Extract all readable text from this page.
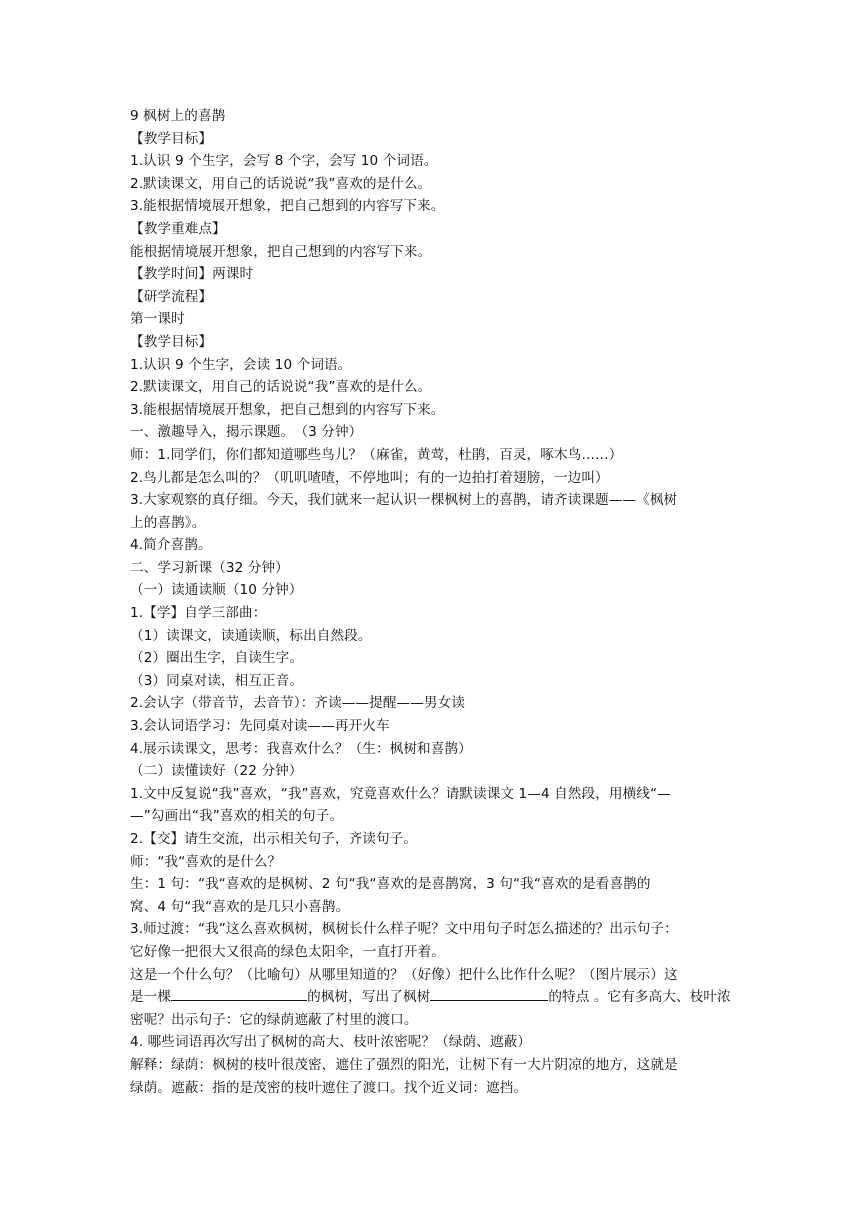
9 枫树上的喜鹊
【教学目标】
1.认识 9 个生字，会写 8 个字，会写 10 个词语。
2.默读课文，用自己的话说说“我”喜欢的是什么。
3.能根据情境展开想象，把自己想到的内容写下来。
【教学重难点】
能根据情境展开想象，把自己想到的内容写下来。
【教学时间】两课时
【研学流程】
第一课时
【教学目标】
1.认识 9 个生字，会读 10 个词语。
2.默读课文，用自己的话说说“我”喜欢的是什么。
3.能根据情境展开想象，把自己想到的内容写下来。
一、激趣导入，揭示课题。　（3 分钟）
师：1.同学们，你们都知道哪些鸟儿？（麻雀，黄莺，杜鹃，百灵，啄木鸟……）
2.鸟儿都是怎么叫的？（叽叽喳喳，不停地叫；有的一边拍打着翅膀，一边叫）
3.大家观察的真仔细。今天，我们就来一起认识一棵枫树上的喜鹊，请齐读课题——《枫树
上的喜鹊》。
4.简介喜鹊。
二、学习新课（32 分钟）
（一）读通读顺（10 分钟）
1.【学】自学三部曲：
（1）读课文，读通读顺，标出自然段。
（2）圈出生字，自读生字。
（3）同桌对读，相互正音。
2.会认字（带音节，去音节）：齐读——提醒——男女读
3.会认词语学习：先同桌对读——再开火车
4.展示读课文，思考：我喜欢什么？（生：枫树和喜鹊）
（二）读懂读好（22 分钟）
1.文中反复说“我”喜欢，“我”喜欢，究竟喜欢什么？请默读课文 1—4 自然段，用横线“—
—”勾画出“我”喜欢的相关的句子。
2.【交】请生交流，出示相关句子，齐读句子。
师：“我“喜欢的是什么？
生：1 句：“我“喜欢的是枫树、2 句“我“喜欢的是喜鹊窝，3 句“我“喜欢的是看喜鹊的
窝、4 句“我“喜欢的是几只小喜鹊。
3.师过渡：“我”这么喜欢枫树，枫树长什么样子呢？文中用句子时怎么描述的？出示句子：
它好像一把很大又很高的绿色太阳伞，一直打开着。
这是一个什么句？（比喻句）从哪里知道的？（好像）把什么比作什么呢？（图片展示）这
是一棵	的枫树，写出了枫树	的特点 。它有多高大、枝叶浓
密呢？出示句子：它的绿荫遮蔽了村里的渡口。
4. 哪些词语再次写出了枫树的高大、枝叶浓密呢？（绿荫、遮蔽）
解释：绿荫：枫树的枝叶很茂密，遮住了强烈的阳光，让树下有一大片阴凉的地方，这就是
绿荫。遮蔽：指的是茂密的枝叶遮住了渡口。找个近义词：遮挡。
